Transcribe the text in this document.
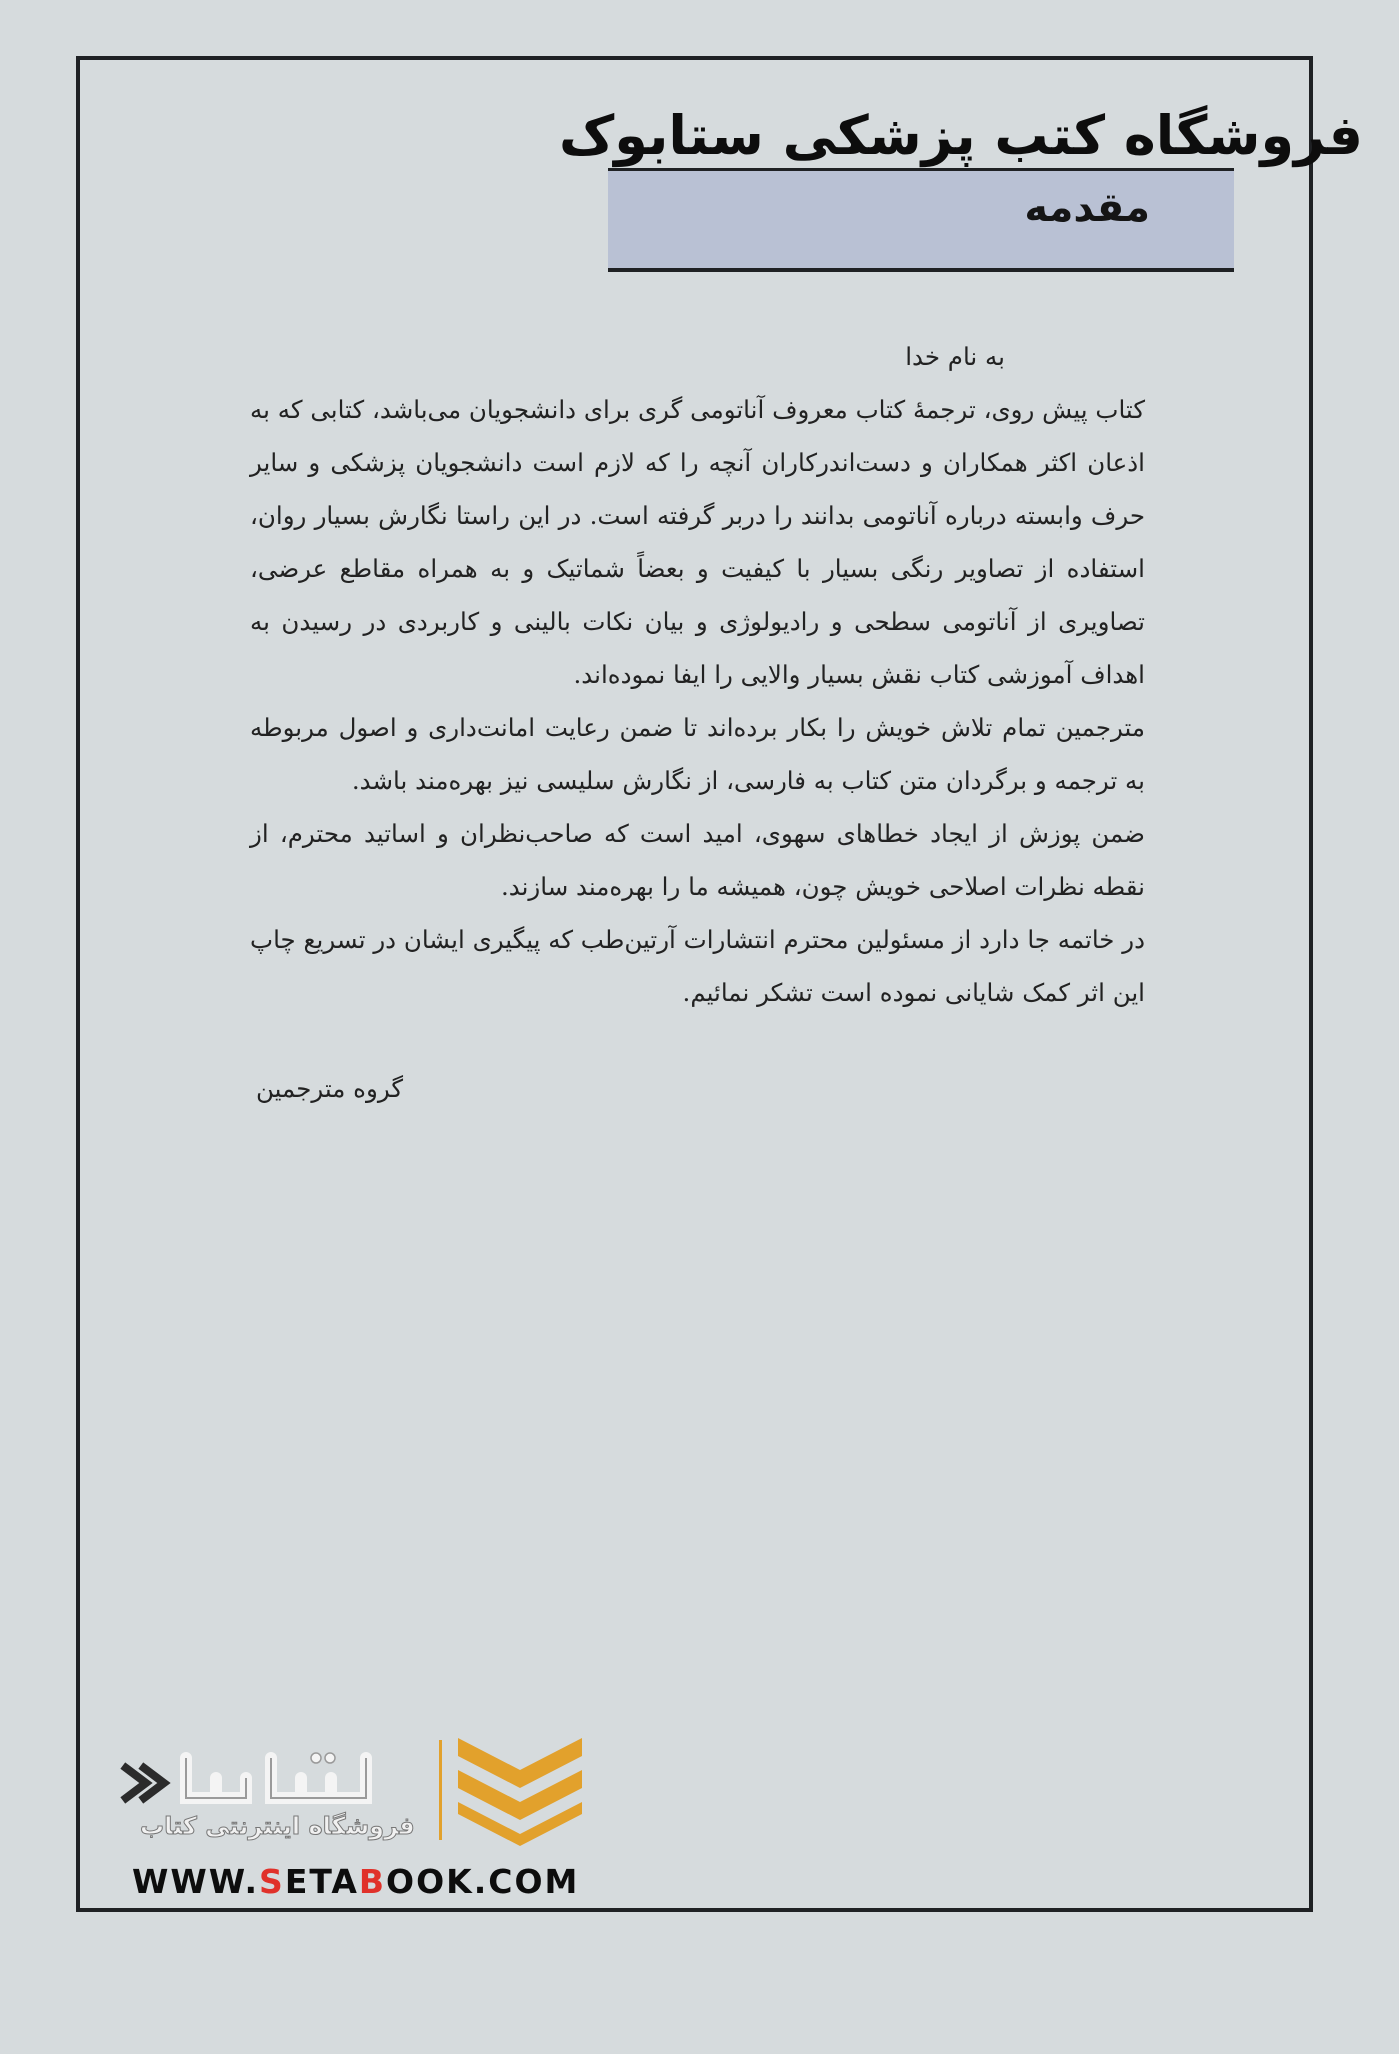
فروشگاه کتب پزشکی ستابوک
مقدمه

به نام خدا

کتاب پیش روی، ترجمهٔ کتاب معروف آناتومی گری برای دانشجویان می‌باشد، کتابی که به اذعان اکثر همکاران و دست‌اندرکاران آنچه را که لازم است دانشجویان پزشکی و سایر حرف وابسته درباره آناتومی بدانند را دربر گرفته است. در این راستا نگارش بسیار روان، استفاده از تصاویر رنگی بسیار با کیفیت و بعضاً شماتیک و به همراه مقاطع عرضی، تصاویری از آناتومی سطحی و رادیولوژی و بیان نکات بالینی و کاربردی در رسیدن به اهداف آموزشی کتاب نقش بسیار والایی را ایفا نموده‌اند.

مترجمین تمام تلاش خویش را بکار برده‌اند تا ضمن رعایت امانت‌داری و اصول مربوطه به ترجمه و برگردان متن کتاب به فارسی، از نگارش سلیسی نیز بهره‌مند باشد.

ضمن پوزش از ایجاد خطاهای سهوی، امید است که صاحب‌نظران و اساتید محترم، از نقطه نظرات اصلاحی خویش چون، همیشه ما را بهره‌مند سازند.

در خاتمه جا دارد از مسئولین محترم انتشارات آرتین‌طب که پیگیری ایشان در تسریع چاپ این اثر کمک شایانی نموده است تشکر نمائیم.

گروه مترجمین
فروشگاه اینترنتی کتاب
WWW.SETABOOK.COM
